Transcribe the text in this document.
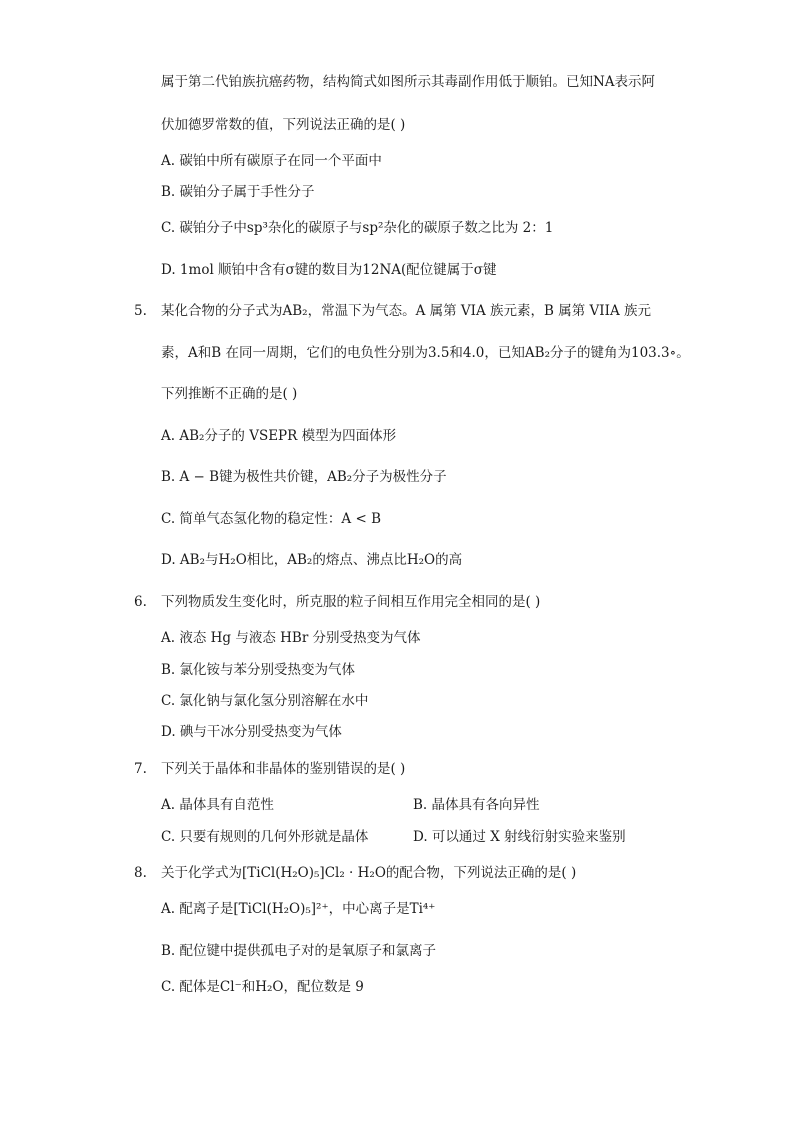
属于第二代铂族抗癌药物，结构简式如图所示其毒副作用低于顺铂。已知NA表示阿
伏加德罗常数的值，下列说法正确的是( )
A. 碳铂中所有碳原子在同一个平面中
B. 碳铂分子属于手性分子
C. 碳铂分子中sp³杂化的碳原子与sp²杂化的碳原子数之比为 2：1
D. 1mol 顺铂中含有σ键的数目为12NA(配位键属于σ键
5. 某化合物的分子式为AB₂，常温下为气态。A 属第 VIA 族元素，B 属第 VIIA 族元
素，A和B 在同一周期，它们的电负性分别为3.5和4.0，已知AB₂分子的键角为103.3∘。
下列推断不正确的是( )
A. AB₂分子的 VSEPR 模型为四面体形
B. A − B键为极性共价键，AB₂分子为极性分子
C. 简单气态氢化物的稳定性：A < B
D. AB₂与H₂O相比，AB₂的熔点、沸点比H₂O的高
6. 下列物质发生变化时，所克服的粒子间相互作用完全相同的是( )
A. 液态 Hg 与液态 HBr 分别受热变为气体
B. 氯化铵与苯分别受热变为气体
C. 氯化钠与氯化氢分别溶解在水中
D. 碘与干冰分别受热变为气体
7. 下列关于晶体和非晶体的鉴别错误的是( )
A. 晶体具有自范性	B. 晶体具有各向异性
C. 只要有规则的几何外形就是晶体	D. 可以通过 X 射线衍射实验来鉴别
8. 关于化学式为[TiCl(H₂O)₅]Cl₂ · H₂O的配合物，下列说法正确的是( )
A. 配离子是[TiCl(H₂O)₅]²⁺，中心离子是Ti⁴⁺
B. 配位键中提供孤电子对的是氧原子和氯离子
C. 配体是Cl⁻和H₂O，配位数是 9
